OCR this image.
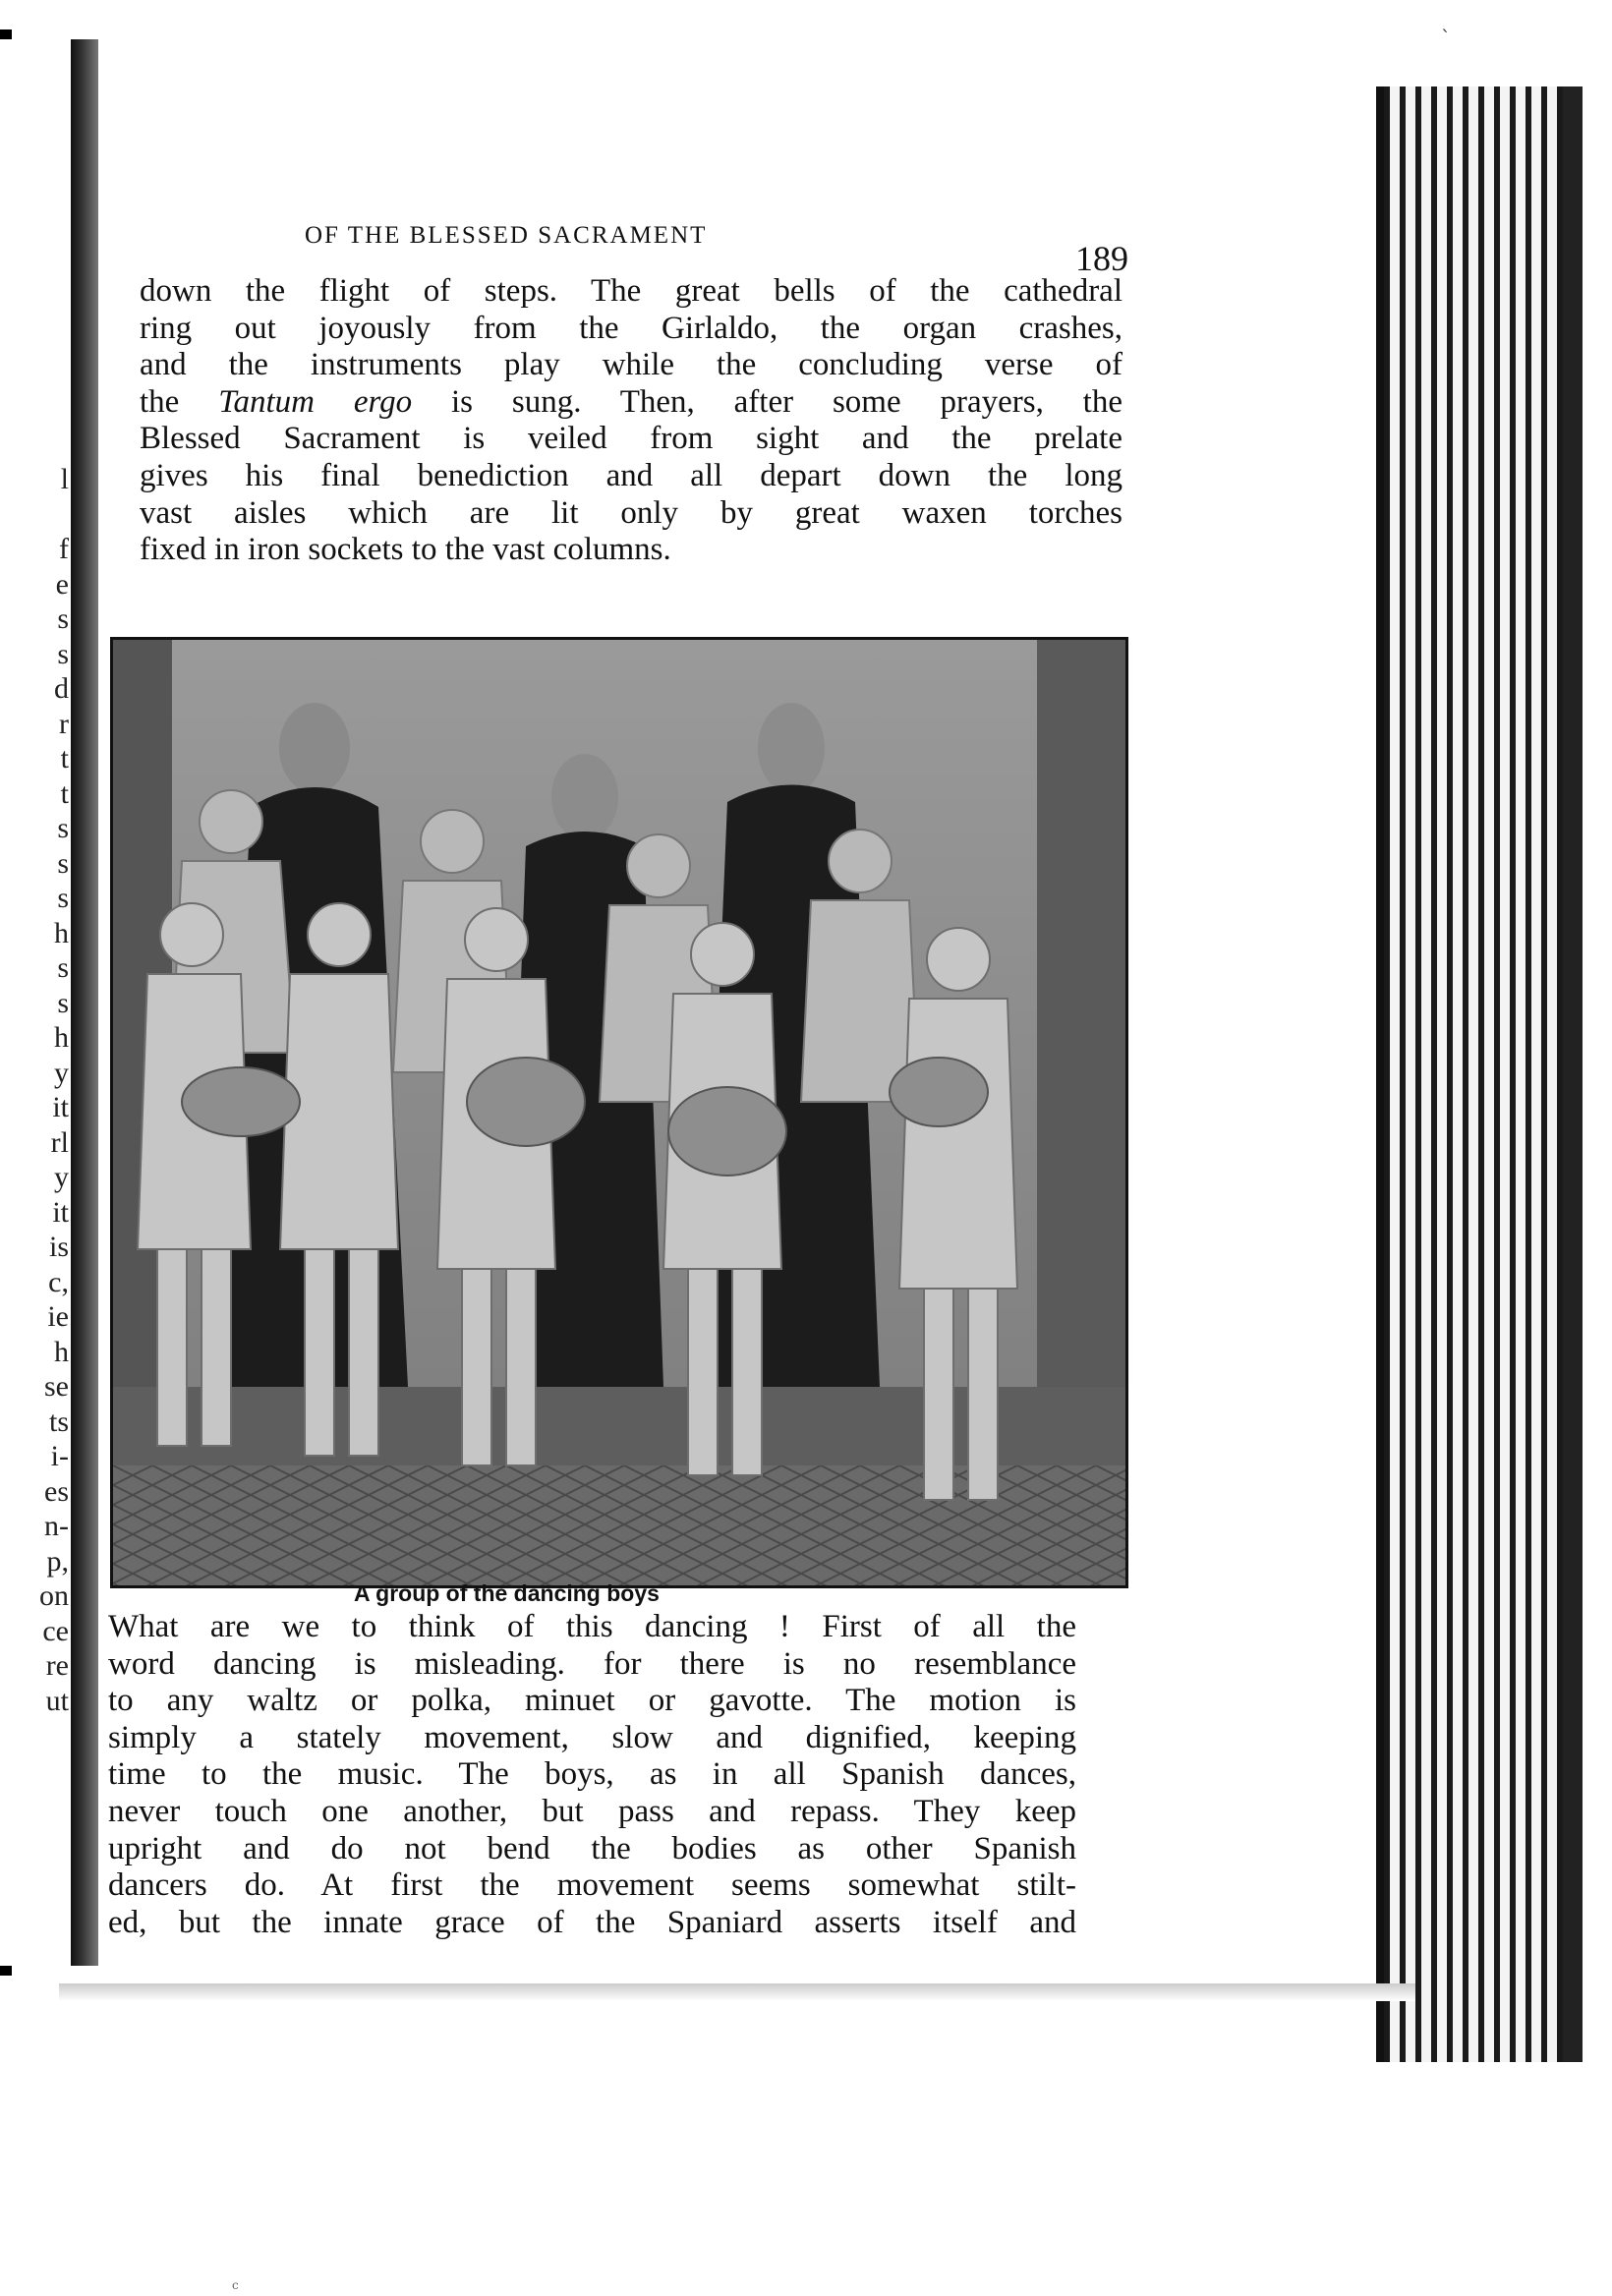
l
f
e
s
s
d
r
t
t
s
s
s
h
s
s
h
y
it
rl
y
it
is
c,
ie
h
se
ts
i-
es
n-
p,
on
ce
re
ut
`
OF THE BLESSED SACRAMENT
189
down the flight of steps. The great bells of the cathedral
ring out joyously from the Girlaldo, the organ crashes,
and the instruments play while the concluding verse of
the Tantum ergo is sung. Then, after some prayers, the
Blessed Sacrament is veiled from sight and the prelate
gives his final benediction and all depart down the long
vast aisles which are lit only by great waxen torches
fixed in iron sockets to the vast columns.
A group of the dancing boys
What are we to think of this dancing ! First of all the
word dancing is misleading. for there is no resemblance
to any waltz or polka, minuet or gavotte. The motion is
simply a stately movement, slow and dignified, keeping
time to the music. The boys, as in all Spanish dances,
never touch one another, but pass and repass. They keep
upright and do not bend the bodies as other Spanish
dancers do. At first the movement seems somewhat stilt-
ed, but the innate grace of the Spaniard asserts itself and
c
